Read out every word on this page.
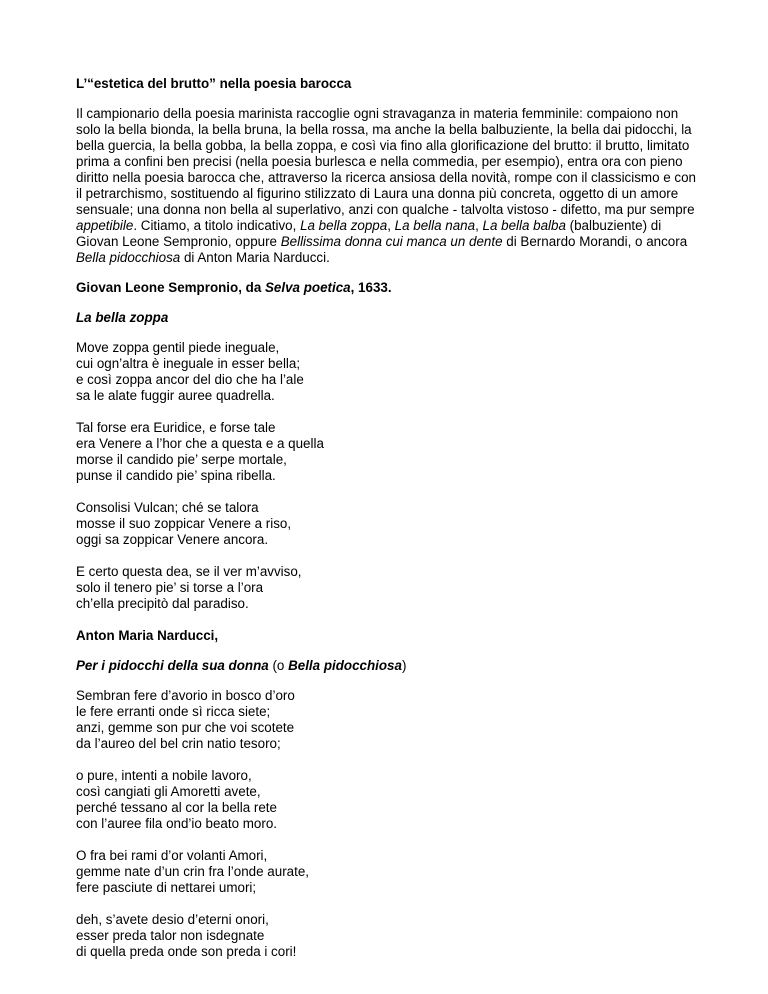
L’“estetica del brutto” nella poesia barocca

Il campionario della poesia marinista raccoglie ogni stravaganza in materia femminile: compaiono non solo la bella bionda, la bella bruna, la bella rossa, ma anche la bella balbuziente, la bella dai pidocchi, la bella guercia, la bella gobba, la bella zoppa, e così via fino alla glorificazione del brutto: il brutto, limitato prima a confini ben precisi (nella poesia burlesca e nella commedia, per esempio), entra ora con pieno diritto nella poesia barocca che, attraverso la ricerca ansiosa della novità, rompe con il classicismo e con il petrarchismo, sostituendo al figurino stilizzato di Laura una donna più concreta, oggetto di un amore sensuale; una donna non bella al superlativo, anzi con qualche - talvolta vistoso - difetto, ma pur sempre appetibile. Citiamo, a titolo indicativo, La bella zoppa, La bella nana, La bella balba (balbuziente) di Giovan Leone Sempronio, oppure Bellissima donna cui manca un dente di Bernardo Morandi, o ancora Bella pidocchiosa di Anton Maria Narducci.

Giovan Leone Sempronio, da Selva poetica, 1633.

La bella zoppa

Move zoppa gentil piede ineguale,
cui ogn’altra è ineguale in esser bella;
e così zoppa ancor del dio che ha l’ale
sa le alate fuggir auree quadrella.
Tal forse era Euridice, e forse tale
era Venere a l’hor che a questa e a quella
morse il candido pie’ serpe mortale,
punse il candido pie’ spina ribella.
Consolisi Vulcan; ché se talora
mosse il suo zoppicar Venere a riso,
oggi sa zoppicar Venere ancora.
E certo questa dea, se il ver m’avviso,
solo il tenero pie’ si torse a l’ora
ch’ella precipitò dal paradiso.

Anton Maria Narducci,

Per i pidocchi della sua donna (o Bella pidocchiosa)

Sembran fere d’avorio in bosco d’oro
le fere erranti onde sì ricca siete;
anzi, gemme son pur che voi scotete
da l’aureo del bel crin natio tesoro;
o pure, intenti a nobile lavoro,
così cangiati gli Amoretti avete,
perché tessano al cor la bella rete
con l’auree fila ond’io beato moro.
O fra bei rami d’or volanti Amori,
gemme nate d’un crin fra l’onde aurate,
fere pasciute di nettarei umori;
deh, s’avete desio d’eterni onori,
esser preda talor non isdegnate
di quella preda onde son preda i cori!
